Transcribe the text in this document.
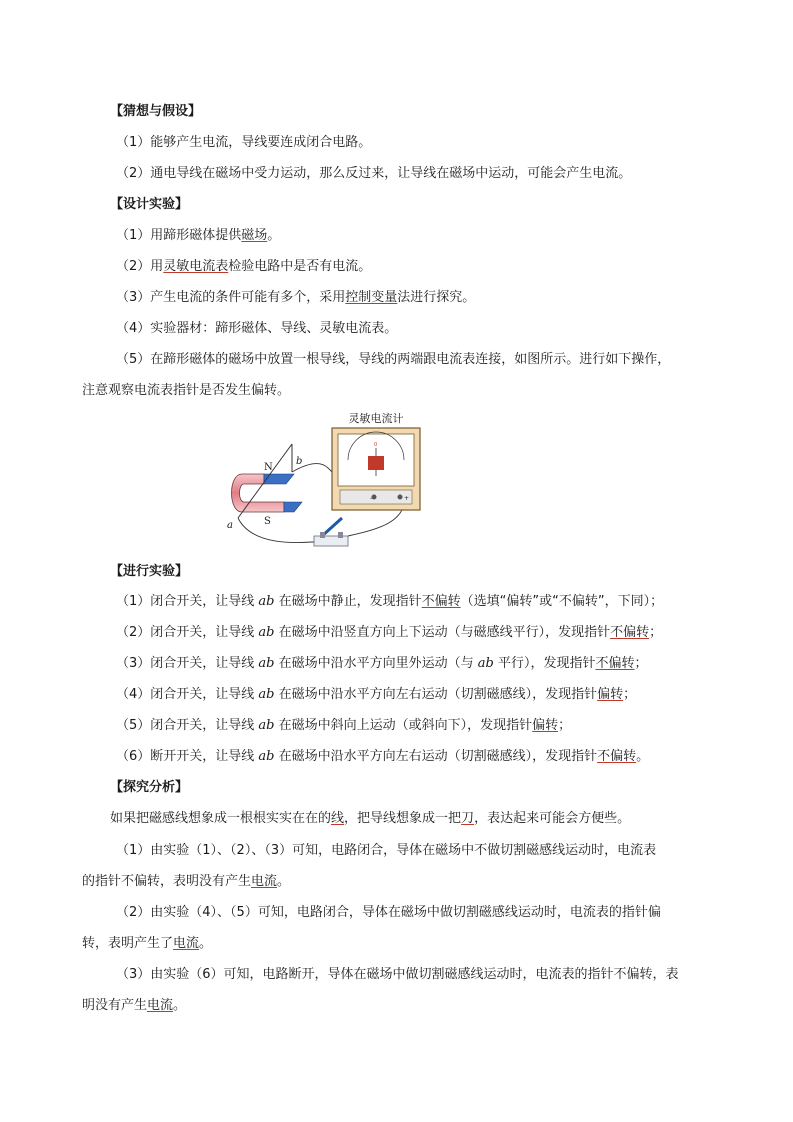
【猜想与假设】
（1）能够产生电流，导线要连成闭合电路。
（2）通电导线在磁场中受力运动，那么反过来，让导线在磁场中运动，可能会产生电流。
【设计实验】
（1）用蹄形磁体提供磁场。
（2）用灵敏电流表检验电路中是否有电流。
（3）产生电流的条件可能有多个，采用控制变量法进行探究。
（4）实验器材：蹄形磁体、导线、灵敏电流表。
（5）在蹄形磁体的磁场中放置一根导线，导线的两端跟电流表连接，如图所示。进行如下操作，
注意观察电流表指针是否发生偏转。
N
S
b
a
0
-	+
灵敏电流计
【进行实验】
（1）闭合开关，让导线 ab 在磁场中静止，发现指针不偏转（选填“偏转”或“不偏转”，下同）；
（2）闭合开关，让导线 ab 在磁场中沿竖直方向上下运动（与磁感线平行），发现指针不偏转；
（3）闭合开关，让导线 ab 在磁场中沿水平方向里外运动（与 ab 平行），发现指针不偏转；
（4）闭合开关，让导线 ab 在磁场中沿水平方向左右运动（切割磁感线），发现指针偏转；
（5）闭合开关，让导线 ab 在磁场中斜向上运动（或斜向下），发现指针偏转；
（6）断开开关，让导线 ab 在磁场中沿水平方向左右运动（切割磁感线），发现指针不偏转。
【探究分析】
如果把磁感线想象成一根根实实在在的线，把导线想象成一把刀，表达起来可能会方便些。
（1）由实验（1）、（2）、（3）可知，电路闭合，导体在磁场中不做切割磁感线运动时，电流表
的指针不偏转，表明没有产生电流。
（2）由实验（4）、（5）可知，电路闭合，导体在磁场中做切割磁感线运动时，电流表的指针偏
转，表明产生了电流。
（3）由实验（6）可知，电路断开，导体在磁场中做切割磁感线运动时，电流表的指针不偏转，表
明没有产生电流。
